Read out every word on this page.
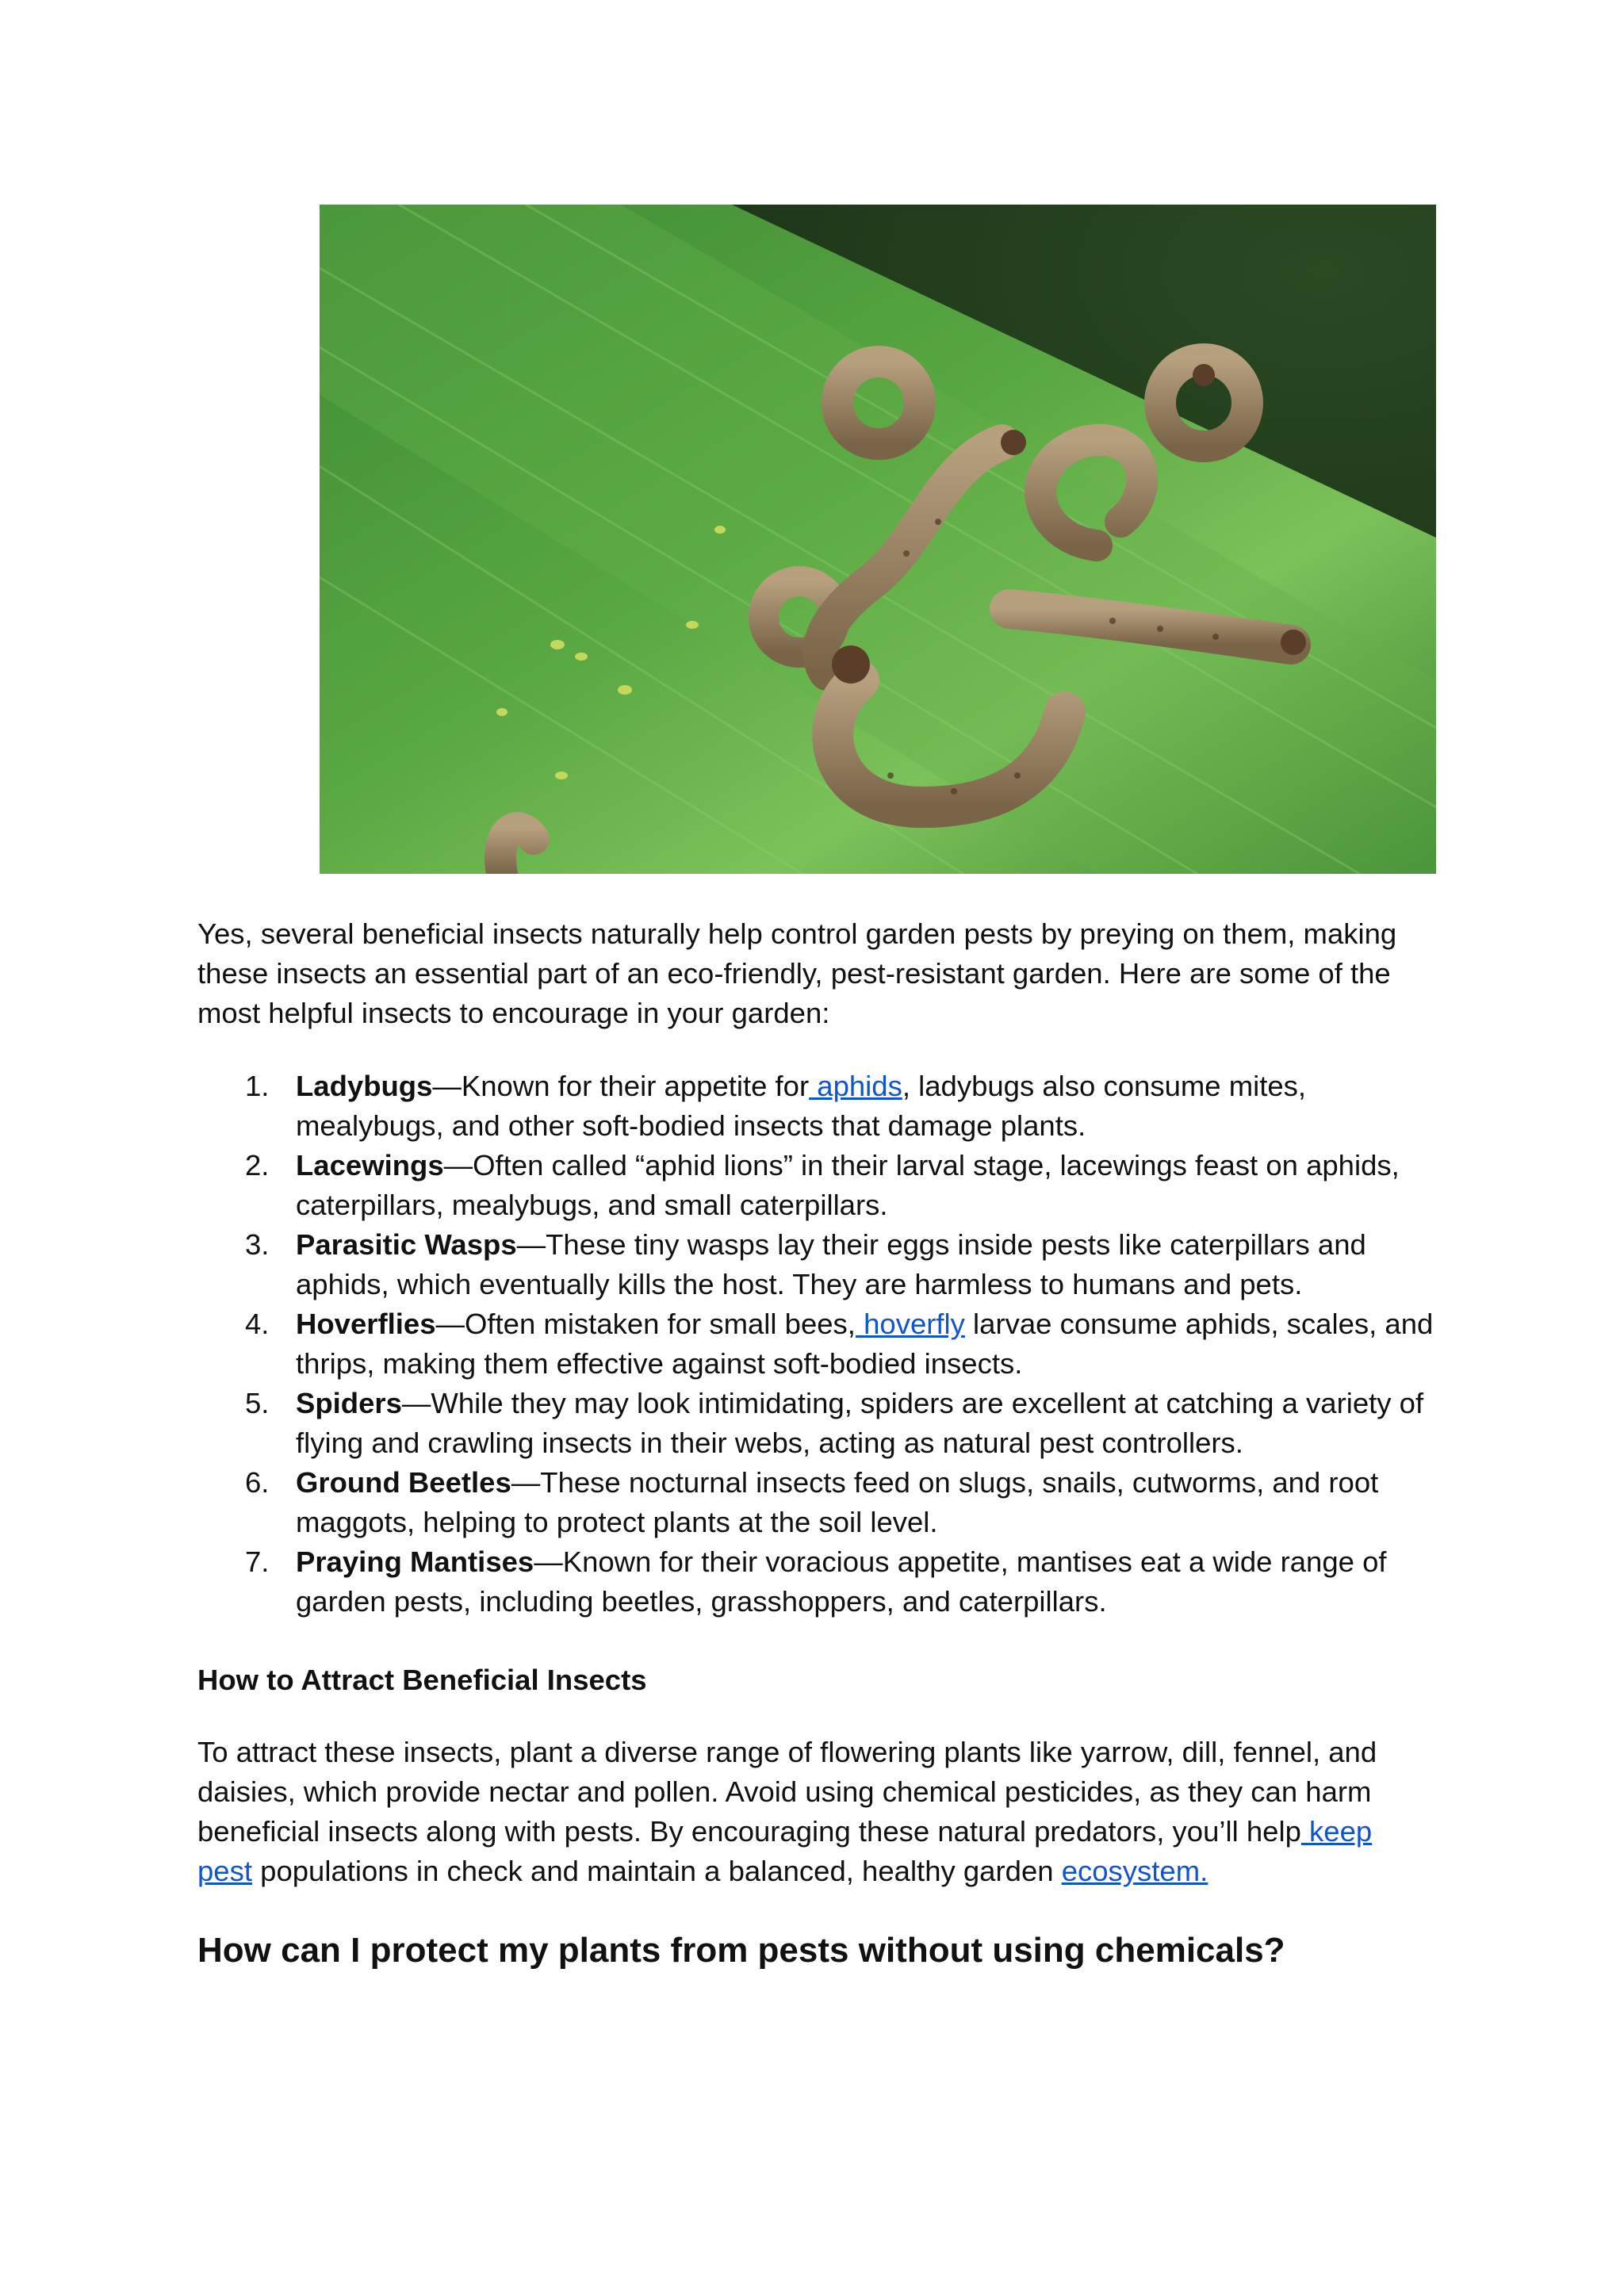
Yes, several beneficial insects naturally help control garden pests by preying on them, making these insects an essential part of an eco-friendly, pest-resistant garden. Here are some of the most helpful insects to encourage in your garden:
1. Ladybugs—Known for their appetite for aphids, ladybugs also consume mites, mealybugs, and other soft-bodied insects that damage plants.
2. Lacewings—Often called “aphid lions” in their larval stage, lacewings feast on aphids, caterpillars, mealybugs, and small caterpillars.
3. Parasitic Wasps—These tiny wasps lay their eggs inside pests like caterpillars and aphids, which eventually kills the host. They are harmless to humans and pets.
4. Hoverflies—Often mistaken for small bees, hoverfly larvae consume aphids, scales, and thrips, making them effective against soft-bodied insects.
5. Spiders—While they may look intimidating, spiders are excellent at catching a variety of flying and crawling insects in their webs, acting as natural pest controllers.
6. Ground Beetles—These nocturnal insects feed on slugs, snails, cutworms, and root maggots, helping to protect plants at the soil level.
7. Praying Mantises—Known for their voracious appetite, mantises eat a wide range of garden pests, including beetles, grasshoppers, and caterpillars.
How to Attract Beneficial Insects
To attract these insects, plant a diverse range of flowering plants like yarrow, dill, fennel, and daisies, which provide nectar and pollen. Avoid using chemical pesticides, as they can harm beneficial insects along with pests. By encouraging these natural predators, you’ll help keep pest populations in check and maintain a balanced, healthy garden ecosystem.
How can I protect my plants from pests without using chemicals?
